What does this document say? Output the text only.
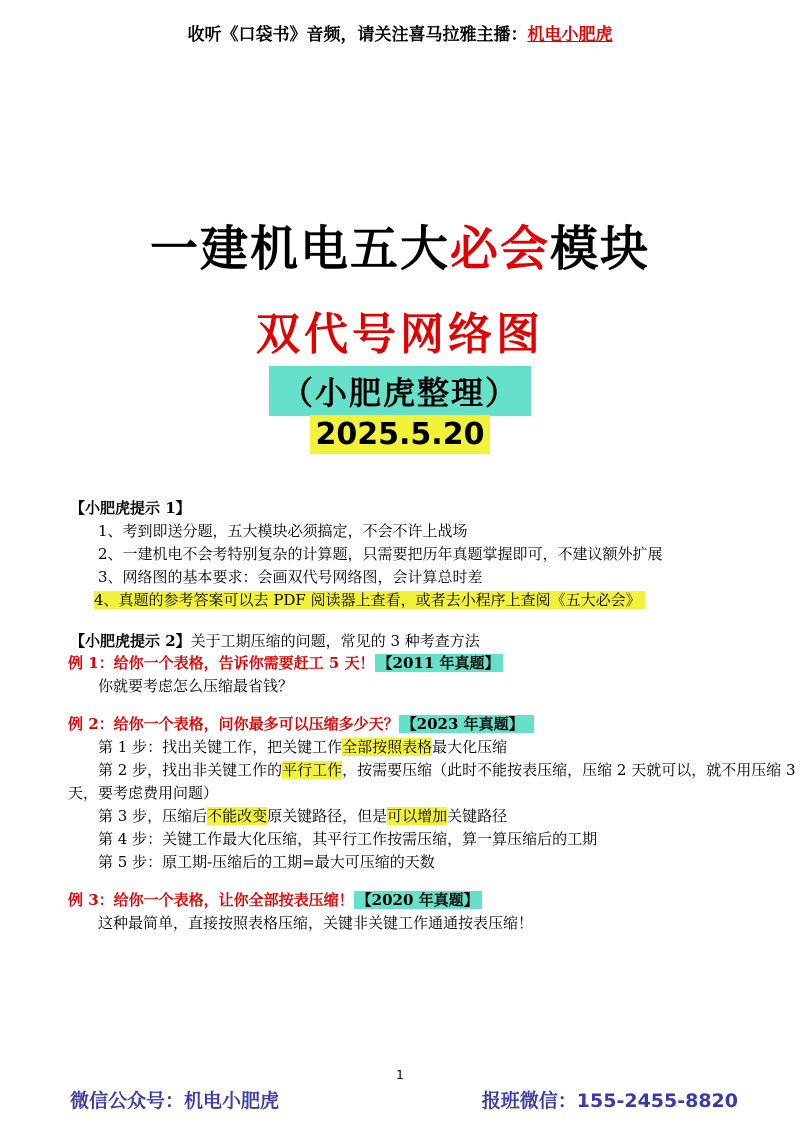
收听《口袋书》音频，请关注喜马拉雅主播：机电小肥虎
一建机电五大必会模块
双代号网络图
（小肥虎整理）
2025.5.20
【小肥虎提示 1】
1、考到即送分题，五大模块必须搞定，不会不许上战场
2、一建机电不会考特别复杂的计算题，只需要把历年真题掌握即可，不建议额外扩展
3、网络图的基本要求：会画双代号网络图，会计算总时差
4、真题的参考答案可以去 PDF 阅读器上查看，或者去小程序上查阅《五大必会》
【小肥虎提示 2】关于工期压缩的问题，常见的 3 种考查方法
例 1：给你一个表格，告诉你需要赶工 5 天！ 【2011 年真题】
你就要考虑怎么压缩最省钱？
例 2：给你一个表格，问你最多可以压缩多少天？ 【2023 年真题】
第 1 步：找出关键工作，把关键工作全部按照表格最大化压缩
第 2 步，找出非关键工作的平行工作，按需要压缩（此时不能按表压缩，压缩 2 天就可以，就不用压缩 3
天，要考虑费用问题）
第 3 步，压缩后不能改变原关键路径，但是可以增加关键路径
第 4 步：关键工作最大化压缩，其平行工作按需压缩，算一算压缩后的工期
第 5 步：原工期-压缩后的工期=最大可压缩的天数
例 3：给你一个表格，让你全部按表压缩！ 【2020 年真题】
这种最简单，直接按照表格压缩，关键非关键工作通通按表压缩！
1
微信公众号：机电小肥虎	报班微信：155-2455-8820
